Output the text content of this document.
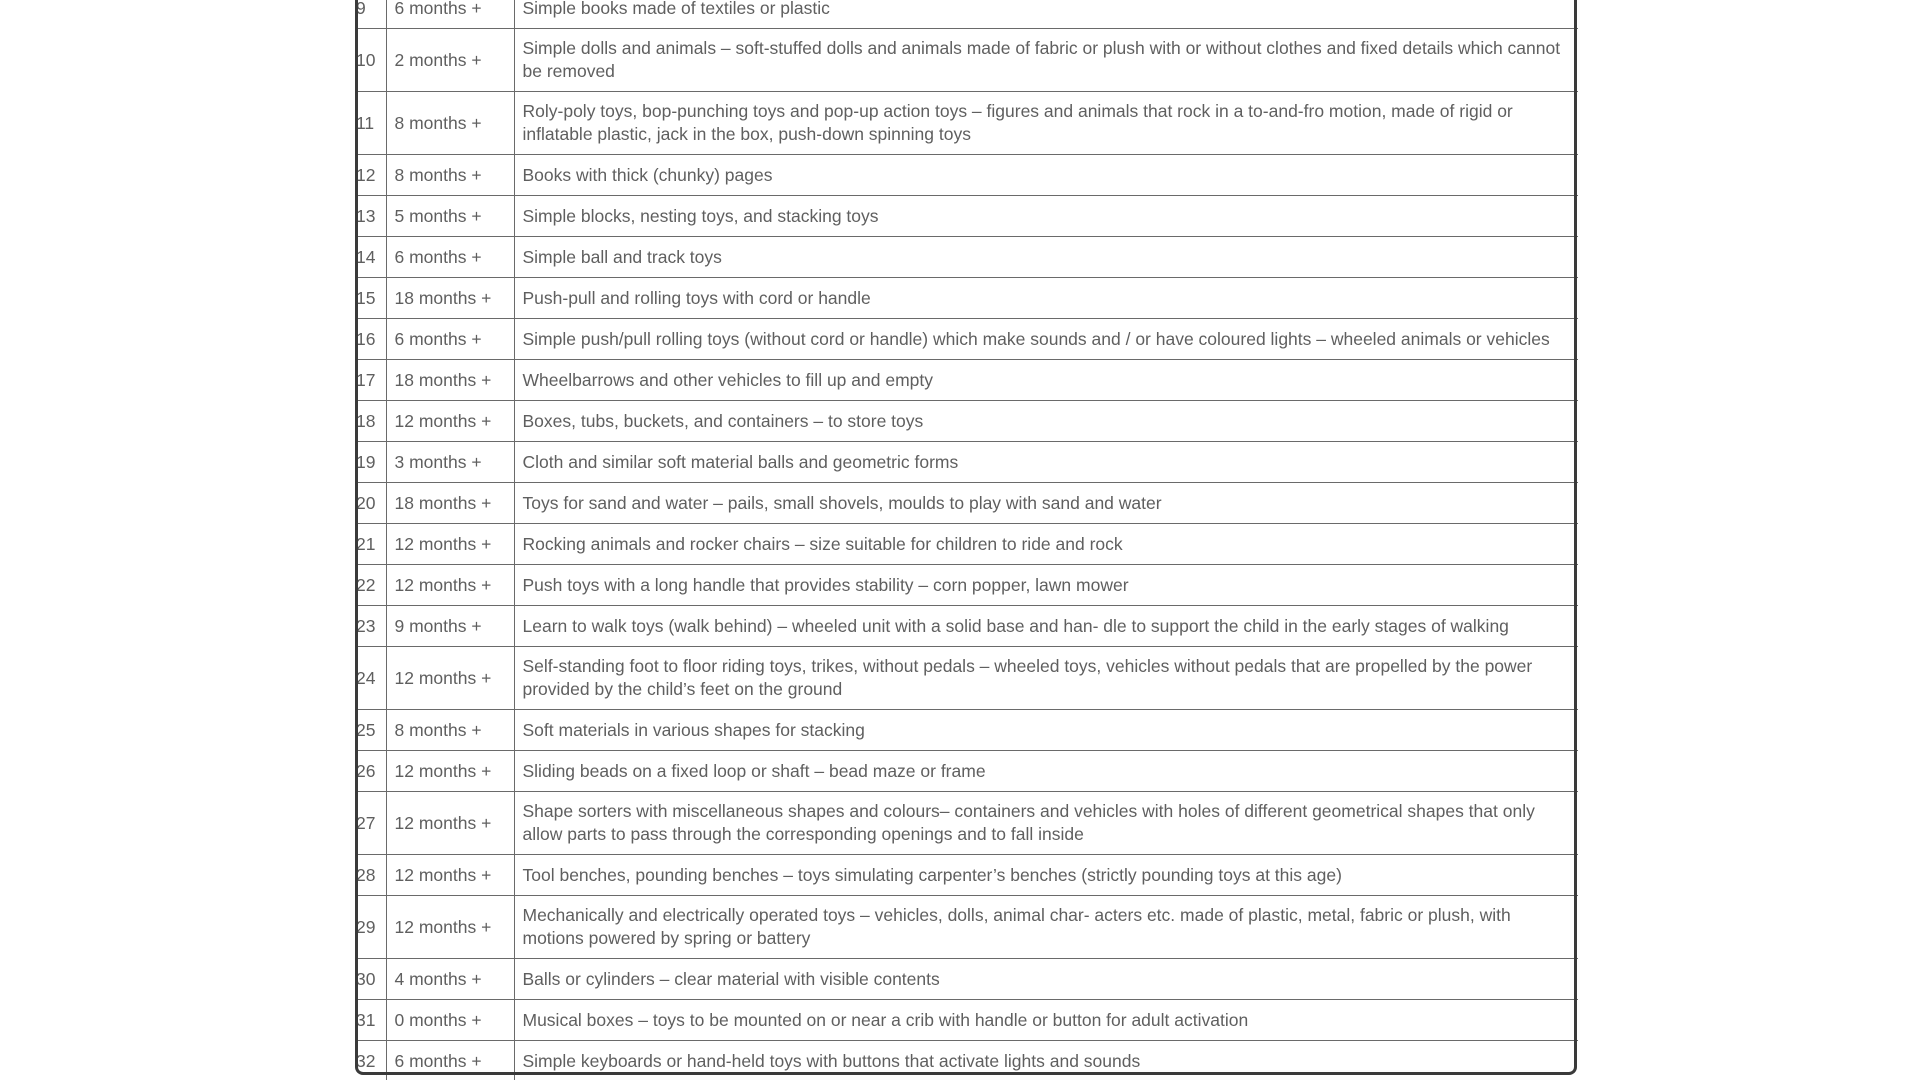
9	6 months +	Simple books made of textiles or plastic
10	2 months +	Simple dolls and animals – soft-stuffed dolls and animals made of fabric or plush with or without clothes and fixed details which cannot be removed
11	8 months +	Roly-poly toys, bop-punching toys and pop-up action toys – figures and animals that rock in a to-and-fro motion, made of rigid or inflatable plastic, jack in the box, push-down spinning toys
12	8 months +	Books with thick (chunky) pages
13	5 months +	Simple blocks, nesting toys, and stacking toys
14	6 months +	Simple ball and track toys
15	18 months +	Push-pull and rolling toys with cord or handle
16	6 months +	Simple push/pull rolling toys (without cord or handle) which make sounds and / or have coloured lights – wheeled animals or vehicles
17	18 months +	Wheelbarrows and other vehicles to fill up and empty
18	12 months +	Boxes, tubs, buckets, and containers – to store toys
19	3 months +	Cloth and similar soft material balls and geometric forms
20	18 months +	Toys for sand and water – pails, small shovels, moulds to play with sand and water
21	12 months +	Rocking animals and rocker chairs – size suitable for children to ride and rock
22	12 months +	Push toys with a long handle that provides stability – corn popper, lawn mower
23	9 months +	Learn to walk toys (walk behind) – wheeled unit with a solid base and han- dle to support the child in the early stages of walking
24	12 months +	Self-standing foot to floor riding toys, trikes, without pedals – wheeled toys, vehicles without pedals that are propelled by the power provided by the child’s feet on the ground
25	8 months +	Soft materials in various shapes for stacking
26	12 months +	Sliding beads on a fixed loop or shaft – bead maze or frame
27	12 months +	Shape sorters with miscellaneous shapes and colours– containers and vehicles with holes of different geometrical shapes that only allow parts to pass through the corresponding openings and to fall inside
28	12 months +	Tool benches, pounding benches – toys simulating carpenter’s benches (strictly pounding toys at this age)
29	12 months +	Mechanically and electrically operated toys – vehicles, dolls, animal char- acters etc. made of plastic, metal, fabric or plush, with motions powered by spring or battery
30	4 months +	Balls or cylinders – clear material with visible contents
31	0 months +	Musical boxes – toys to be mounted on or near a crib with handle or button for adult activation
32	6 months +	Simple keyboards or hand-held toys with buttons that activate lights and sounds
